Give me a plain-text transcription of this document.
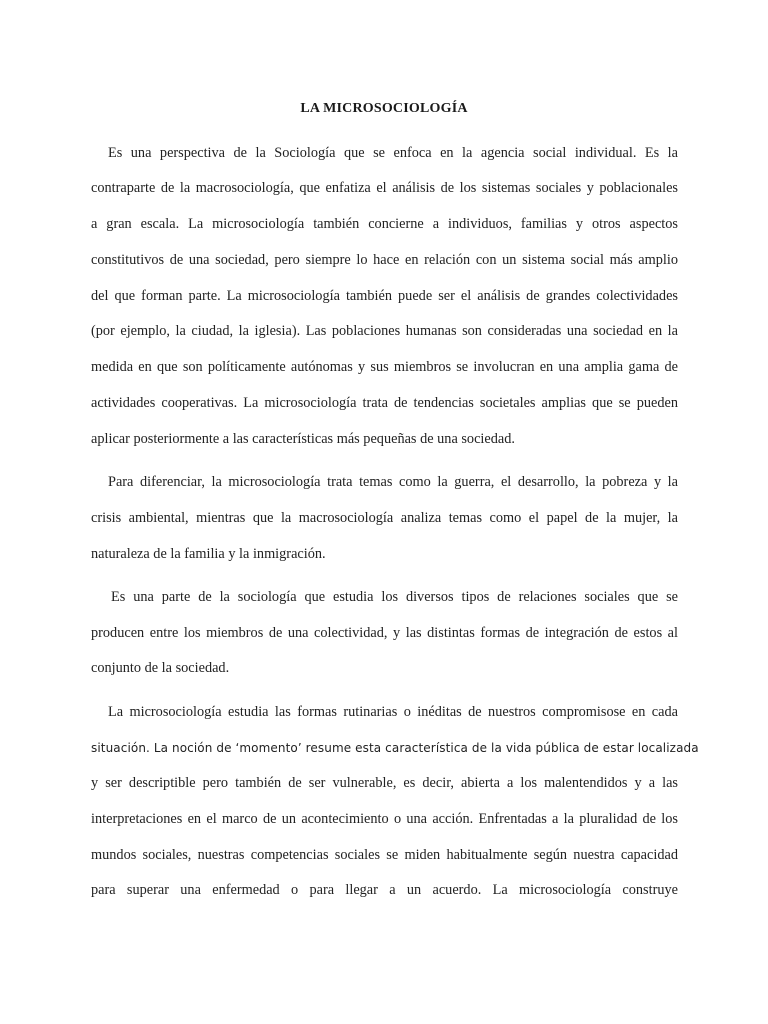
LA MICROSOCIOLOGÍA
Es una perspectiva de la Sociología que se enfoca en la agencia social individual. Es la
contraparte de la macrosociología, que enfatiza el análisis de los sistemas sociales y poblacionales
a gran escala. La microsociología también concierne a individuos, familias y otros aspectos
constitutivos de una sociedad, pero siempre lo hace en relación con un sistema social más amplio
del que forman parte. La microsociología también puede ser el análisis de grandes colectividades
(por ejemplo, la ciudad, la iglesia). Las poblaciones humanas son consideradas una sociedad en la
medida en que son políticamente autónomas y sus miembros se involucran en una amplia gama de
actividades cooperativas. La microsociología trata de tendencias societales amplias que se pueden
aplicar posteriormente a las características más pequeñas de una sociedad.
Para diferenciar, la microsociología trata temas como la guerra, el desarrollo, la pobreza y la
crisis ambiental, mientras que la macrosociología analiza temas como el papel de la mujer, la
naturaleza de la familia y la inmigración.
Es una parte de la sociología que estudia los diversos tipos de relaciones sociales que se
producen entre los miembros de una colectividad, y las distintas formas de integración de estos al
conjunto de la sociedad.
La microsociología estudia las formas rutinarias o inéditas de nuestros compromisose en cada
situación. La noción de ‘momento’ resume esta característica de la vida pública de estar localizada
y ser descriptible pero también de ser vulnerable, es decir, abierta a los malentendidos y a las
interpretaciones en el marco de un acontecimiento o una acción. Enfrentadas a la pluralidad de los
mundos sociales, nuestras competencias sociales se miden habitualmente según nuestra capacidad
para superar una enfermedad o para llegar a un acuerdo. La microsociología construye
